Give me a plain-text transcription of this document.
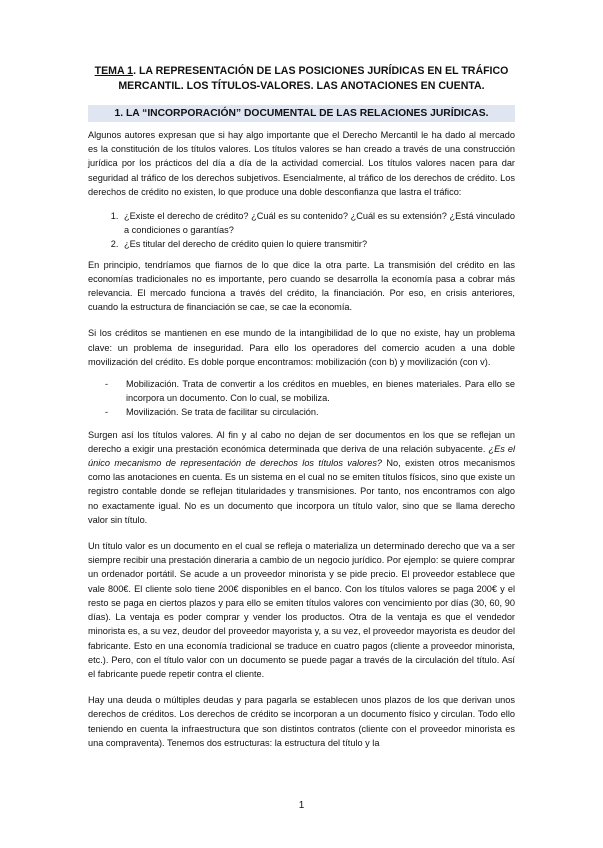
TEMA 1. LA REPRESENTACIÓN DE LAS POSICIONES JURÍDICAS EN EL TRÁFICO MERCANTIL. LOS TÍTULOS-VALORES. LAS ANOTACIONES EN CUENTA.
1. LA “INCORPORACIÓN” DOCUMENTAL DE LAS RELACIONES JURÍDICAS.

Algunos autores expresan que si hay algo importante que el Derecho Mercantil le ha dado al mercado es la constitución de los títulos valores. Los títulos valores se han creado a través de una construcción jurídica por los prácticos del día a día de la actividad comercial. Los títulos valores nacen para dar seguridad al tráfico de los derechos subjetivos. Esencialmente, al tráfico de los derechos de crédito. Los derechos de crédito no existen, lo que produce una doble desconfianza que lastra el tráfico:

1. ¿Existe el derecho de crédito? ¿Cuál es su contenido? ¿Cuál es su extensión? ¿Está vinculado a condiciones o garantías?
2. ¿Es titular del derecho de crédito quien lo quiere transmitir?

En principio, tendríamos que fiarnos de lo que dice la otra parte. La transmisión del crédito en las economías tradicionales no es importante, pero cuando se desarrolla la economía pasa a cobrar más relevancia. El mercado funciona a través del crédito, la financiación. Por eso, en crisis anteriores, cuando la estructura de financiación se cae, se cae la economía.

Si los créditos se mantienen en ese mundo de la intangibilidad de lo que no existe, hay un problema clave: un problema de inseguridad. Para ello los operadores del comercio acuden a una doble movilización del crédito. Es doble porque encontramos: mobilización (con b) y movilización (con v).

- Mobilización. Trata de convertir a los créditos en muebles, en bienes materiales. Para ello se incorpora un documento. Con lo cual, se mobiliza.
- Movilización. Se trata de facilitar su circulación.

Surgen así los títulos valores. Al fin y al cabo no dejan de ser documentos en los que se reflejan un derecho a exigir una prestación económica determinada que deriva de una relación subyacente. ¿Es el único mecanismo de representación de derechos los títulos valores? No, existen otros mecanismos como las anotaciones en cuenta. Es un sistema en el cual no se emiten títulos físicos, sino que existe un registro contable donde se reflejan titularidades y transmisiones. Por tanto, nos encontramos con algo no exactamente igual. No es un documento que incorpora un título valor, sino que se llama derecho valor sin título.

Un título valor es un documento en el cual se refleja o materializa un determinado derecho que va a ser siempre recibir una prestación dineraria a cambio de un negocio jurídico. Por ejemplo: se quiere comprar un ordenador portátil. Se acude a un proveedor minorista y se pide precio. El proveedor establece que vale 800€. El cliente solo tiene 200€ disponibles en el banco. Con los títulos valores se paga 200€ y el resto se paga en ciertos plazos y para ello se emiten títulos valores con vencimiento por días (30, 60, 90 días). La ventaja es poder comprar y vender los productos. Otra de la ventaja es que el vendedor minorista es, a su vez, deudor del proveedor mayorista y, a su vez, el proveedor mayorista es deudor del fabricante. Esto en una economía tradicional se traduce en cuatro pagos (cliente a proveedor minorista, etc.). Pero, con el título valor con un documento se puede pagar a través de la circulación del título. Así el fabricante puede repetir contra el cliente.

Hay una deuda o múltiples deudas y para pagarla se establecen unos plazos de los que derivan unos derechos de créditos. Los derechos de crédito se incorporan a un documento físico y circulan. Todo ello teniendo en cuenta la infraestructura que son distintos contratos (cliente con el proveedor minorista es una compraventa). Tenemos dos estructuras: la estructura del título y la

1
